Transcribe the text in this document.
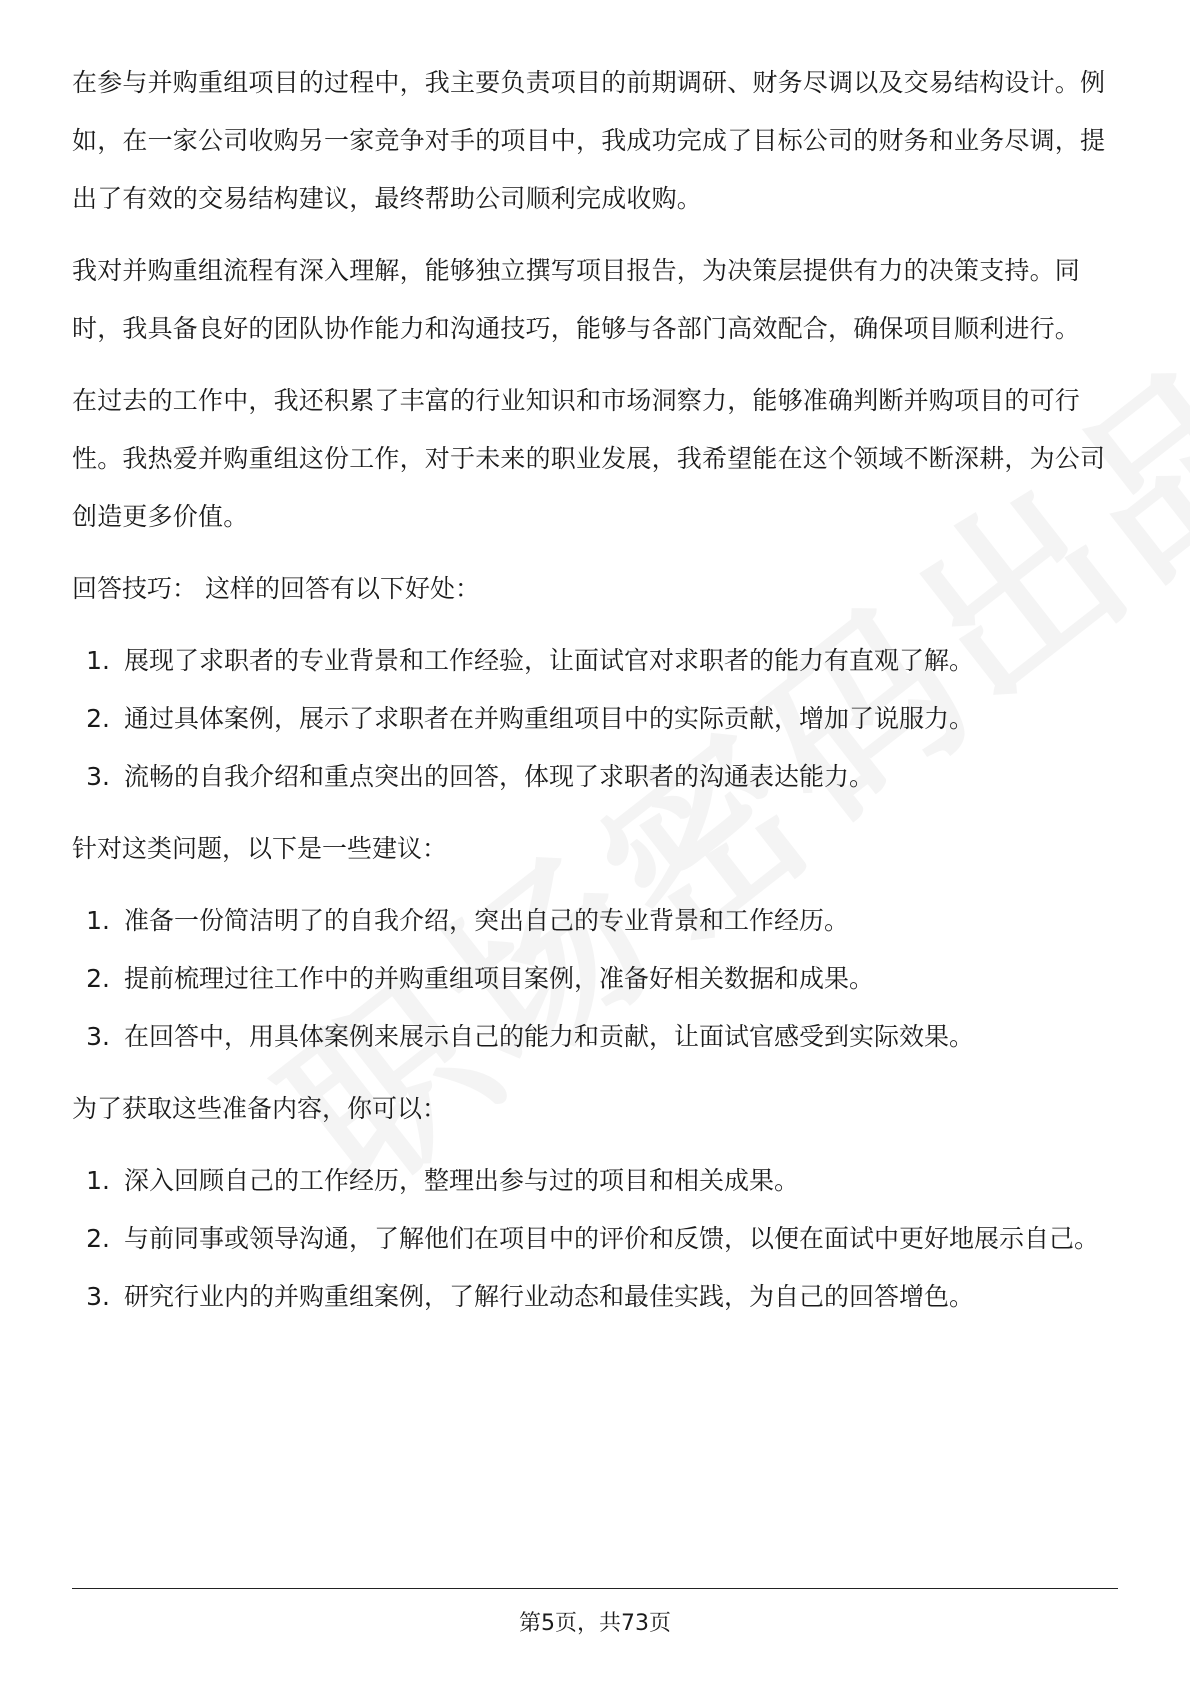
在参与并购重组项目的过程中，我主要负责项目的前期调研、财务尽调以及交易结构设计。例如，在一家公司收购另一家竞争对手的项目中，我成功完成了目标公司的财务和业务尽调，提出了有效的交易结构建议，最终帮助公司顺利完成收购。

我对并购重组流程有深入理解，能够独立撰写项目报告，为决策层提供有力的决策支持。同时，我具备良好的团队协作能力和沟通技巧，能够与各部门高效配合，确保项目顺利进行。

在过去的工作中，我还积累了丰富的行业知识和市场洞察力，能够准确判断并购项目的可行性。我热爱并购重组这份工作，对于未来的职业发展，我希望能在这个领域不断深耕，为公司创造更多价值。

回答技巧： 这样的回答有以下好处：

1. 展现了求职者的专业背景和工作经验，让面试官对求职者的能力有直观了解。
2. 通过具体案例，展示了求职者在并购重组项目中的实际贡献，增加了说服力。
3. 流畅的自我介绍和重点突出的回答，体现了求职者的沟通表达能力。

针对这类问题，以下是一些建议：

1. 准备一份简洁明了的自我介绍，突出自己的专业背景和工作经历。
2. 提前梳理过往工作中的并购重组项目案例，准备好相关数据和成果。
3. 在回答中，用具体案例来展示自己的能力和贡献，让面试官感受到实际效果。

为了获取这些准备内容，你可以：

1. 深入回顾自己的工作经历，整理出参与过的项目和相关成果。
2. 与前同事或领导沟通，了解他们在项目中的评价和反馈，以便在面试中更好地展示自己。
3. 研究行业内的并购重组案例，了解行业动态和最佳实践，为自己的回答增色。
第5页，共73页
